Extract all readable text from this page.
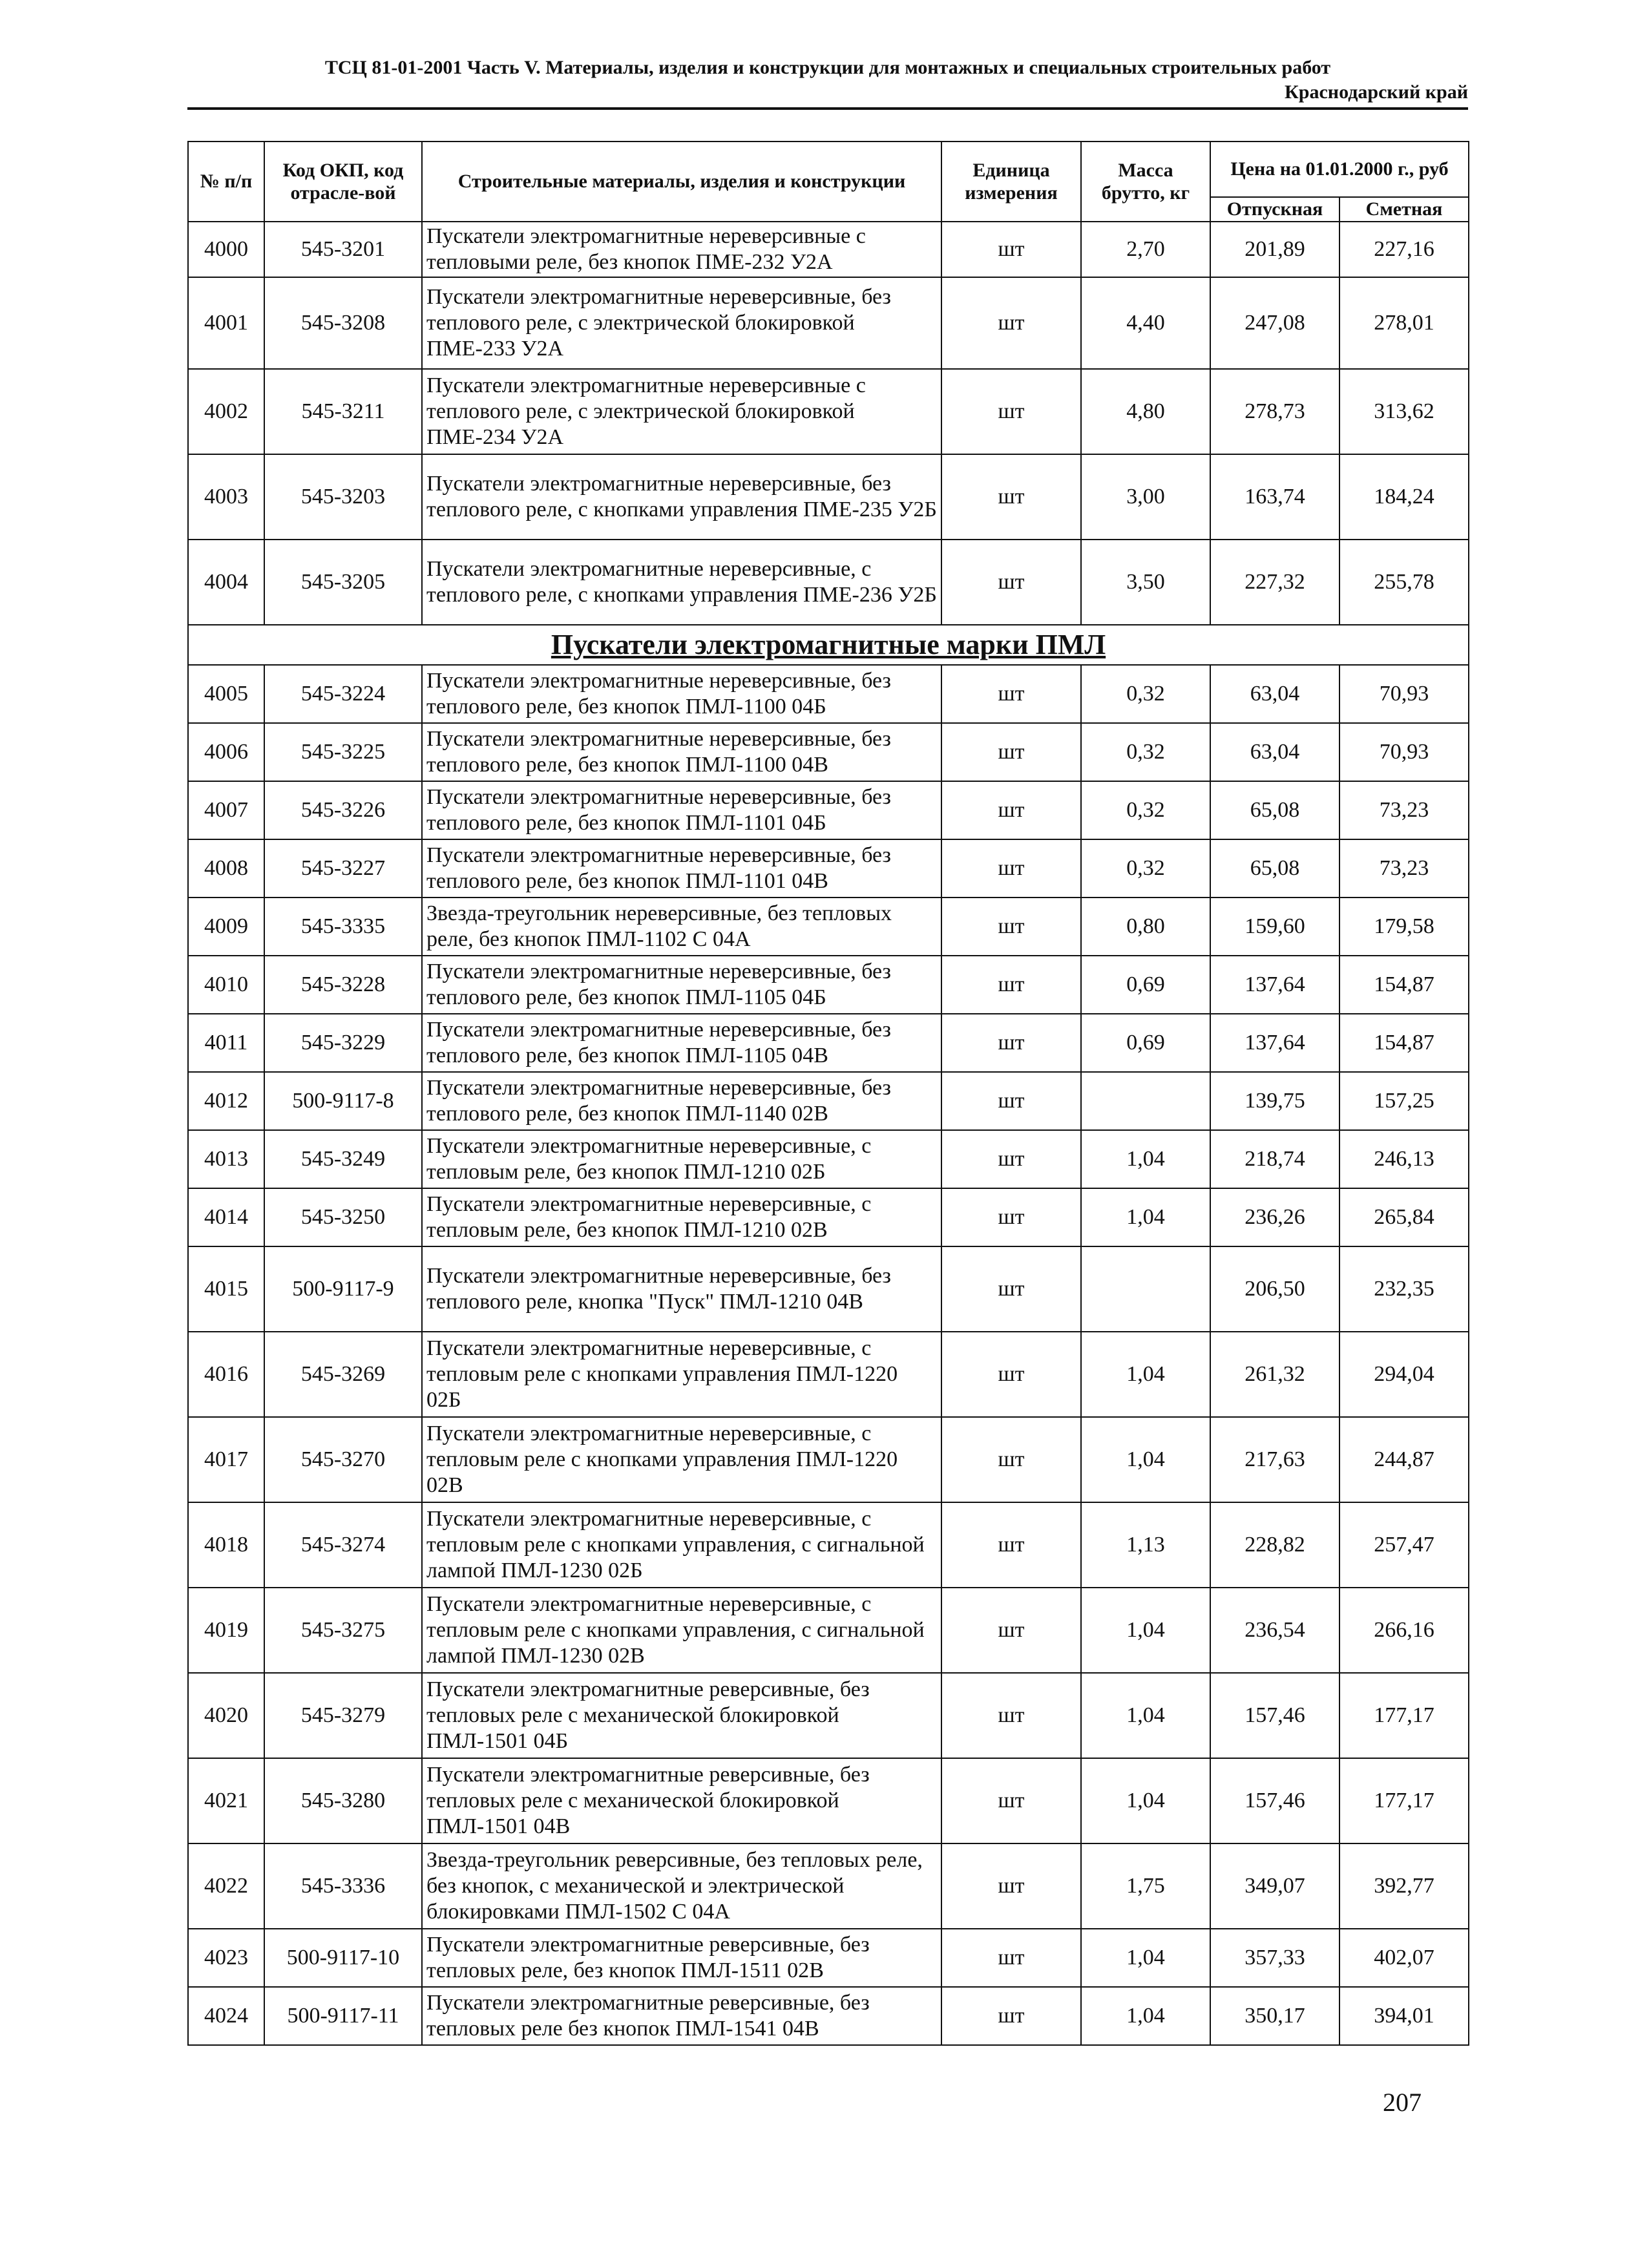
ТСЦ 81-01-2001 Часть V. Материалы, изделия и конструкции для монтажных и специальных строительных работ
Краснодарский край
№ п/п	Код ОКП, код отрасле-вой	Строительные материалы, изделия и конструкции	Единица измерения	Масса брутто, кг	Цена на 01.01.2000 г., руб	
					Отпускная	Сметная
4000	545-3201	Пускатели электромагнитные нереверсивные с тепловыми реле, без кнопок ПМЕ-232 У2А	шт	2,70	201,89	227,16
4001	545-3208	Пускатели электромагнитные нереверсивные, без теплового реле, с электрической блокировкой ПМЕ-233 У2А	шт	4,40	247,08	278,01
4002	545-3211	Пускатели электромагнитные нереверсивные с теплового реле, с электрической блокировкой ПМЕ-234 У2А	шт	4,80	278,73	313,62
4003	545-3203	Пускатели электромагнитные нереверсивные, без теплового реле, с кнопками управления ПМЕ-235 У2Б	шт	3,00	163,74	184,24
4004	545-3205	Пускатели электромагнитные нереверсивные, с теплового реле, с кнопками управления ПМЕ-236 У2Б	шт	3,50	227,32	255,78
Пускатели электромагнитные марки ПМЛ						
4005	545-3224	Пускатели электромагнитные нереверсивные, без теплового реле, без кнопок ПМЛ-1100 04Б	шт	0,32	63,04	70,93
4006	545-3225	Пускатели электромагнитные нереверсивные, без теплового реле, без кнопок ПМЛ-1100 04В	шт	0,32	63,04	70,93
4007	545-3226	Пускатели электромагнитные нереверсивные, без теплового реле, без кнопок ПМЛ-1101 04Б	шт	0,32	65,08	73,23
4008	545-3227	Пускатели электромагнитные нереверсивные, без теплового реле, без кнопок ПМЛ-1101 04В	шт	0,32	65,08	73,23
4009	545-3335	Звезда-треугольник нереверсивные, без тепловых реле, без кнопок ПМЛ-1102 С 04А	шт	0,80	159,60	179,58
4010	545-3228	Пускатели электромагнитные нереверсивные, без теплового реле, без кнопок ПМЛ-1105 04Б	шт	0,69	137,64	154,87
4011	545-3229	Пускатели электромагнитные нереверсивные, без теплового реле, без кнопок ПМЛ-1105 04В	шт	0,69	137,64	154,87
4012	500-9117-8	Пускатели электромагнитные нереверсивные, без теплового реле, без кнопок ПМЛ-1140 02В	шт		139,75	157,25
4013	545-3249	Пускатели электромагнитные нереверсивные, с тепловым реле, без кнопок ПМЛ-1210 02Б	шт	1,04	218,74	246,13
4014	545-3250	Пускатели электромагнитные нереверсивные, с тепловым реле, без кнопок ПМЛ-1210 02В	шт	1,04	236,26	265,84
4015	500-9117-9	Пускатели электромагнитные нереверсивные, без теплового реле, кнопка "Пуск" ПМЛ-1210 04В	шт		206,50	232,35
4016	545-3269	Пускатели электромагнитные нереверсивные, с тепловым реле с кнопками управления ПМЛ-1220 02Б	шт	1,04	261,32	294,04
4017	545-3270	Пускатели электромагнитные нереверсивные, с тепловым реле с кнопками управления ПМЛ-1220 02В	шт	1,04	217,63	244,87
4018	545-3274	Пускатели электромагнитные нереверсивные, с тепловым реле с кнопками управления, с сигнальной лампой ПМЛ-1230 02Б	шт	1,13	228,82	257,47
4019	545-3275	Пускатели электромагнитные нереверсивные, с тепловым реле с кнопками управления, с сигнальной лампой ПМЛ-1230 02В	шт	1,04	236,54	266,16
4020	545-3279	Пускатели электромагнитные реверсивные, без тепловых реле с механической блокировкой ПМЛ-1501 04Б	шт	1,04	157,46	177,17
4021	545-3280	Пускатели электромагнитные реверсивные, без тепловых реле с механической блокировкой ПМЛ-1501 04В	шт	1,04	157,46	177,17
4022	545-3336	Звезда-треугольник реверсивные, без тепловых реле, без кнопок, с механической и электрической блокировками ПМЛ-1502 С 04А	шт	1,75	349,07	392,77
4023	500-9117-10	Пускатели электромагнитные реверсивные, без тепловых реле, без кнопок ПМЛ-1511 02В	шт	1,04	357,33	402,07
4024	500-9117-11	Пускатели электромагнитные реверсивные, без тепловых реле без кнопок ПМЛ-1541 04В	шт	1,04	350,17	394,01
207
